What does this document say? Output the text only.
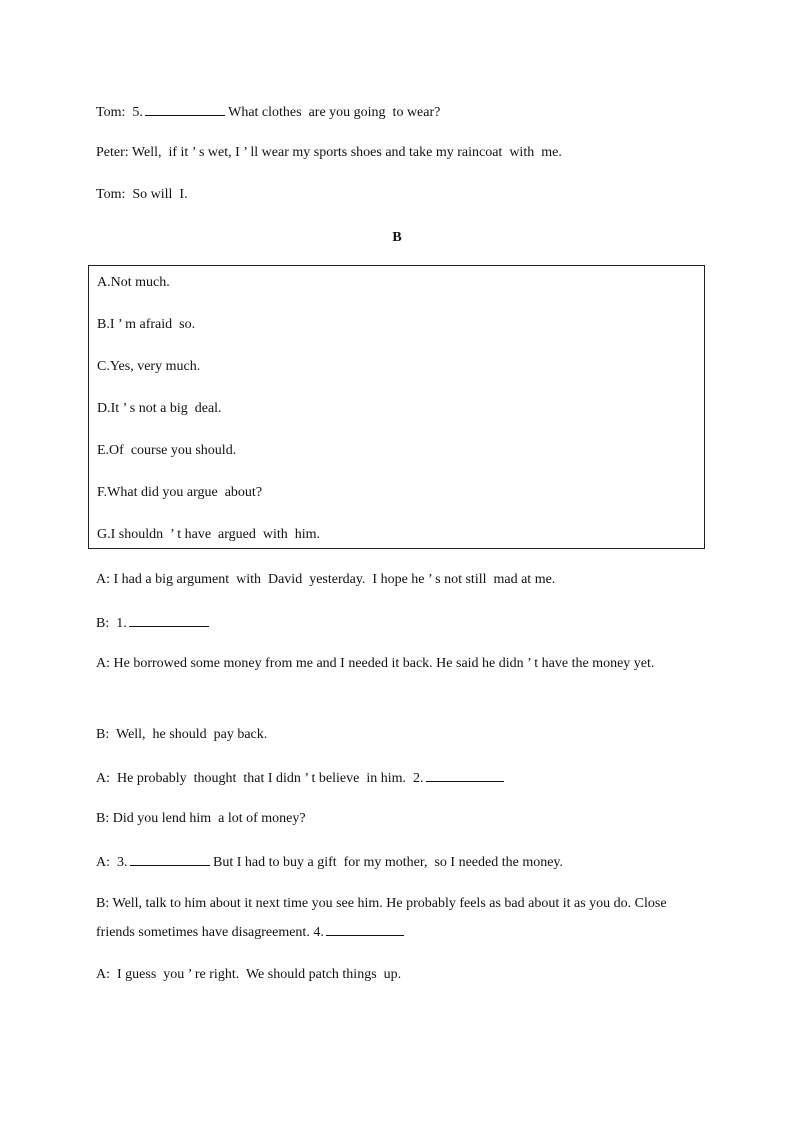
Tom:  5.	What clothes  are you going  to wear?
Peter: Well,  if it ’ s wet, I ’ ll wear my sports shoes and take my raincoat  with  me.
Tom:  So will  I.
B
A.Not much.
B.I ’ m afraid  so.
C.Yes, very much.
D.It ’ s not a big  deal.
E.Of  course you should.
F.What did you argue  about?
G.I shouldn  ’ t have  argued  with  him.
A: I had a big argument  with  David  yesterday.  I hope he ’ s not still  mad at me.
B:  1.
A: He borrowed some money from me and I needed it back. He said he didn ’ t have the money yet.
B:  Well,  he should  pay back.
A:  He probably  thought  that I didn ’ t believe  in him.  2.
B: Did you lend him  a lot of money?
A:  3.	But I had to buy a gift  for my mother,  so I needed the money.
B: Well, talk to him about it next time you see him. He probably feels as bad about it as you do. Close friends sometimes have disagreement. 4.
A:  I guess  you ’ re right.  We should patch things  up.
